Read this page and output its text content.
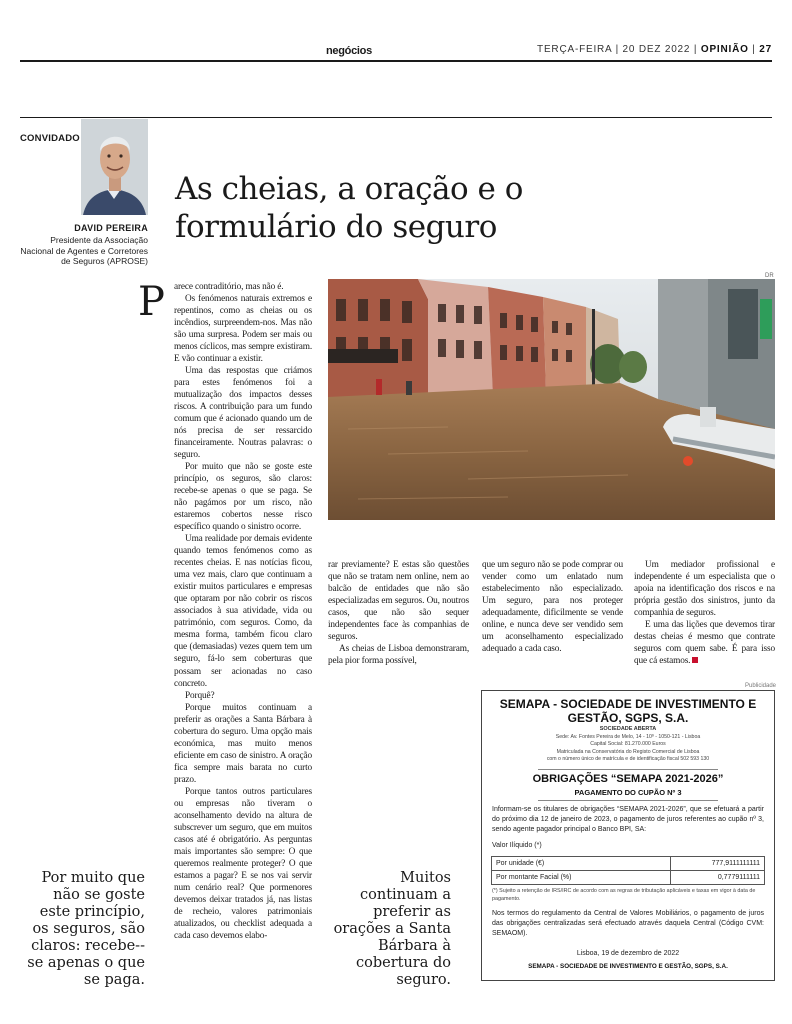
negócios	TERÇA-FEIRA | 20 DEZ 2022 | OPINIÃO | 27
CONVIDADO
DAVID PEREIRA
Presidente da Associação Nacional de Agentes e Corretores de Seguros (APROSE)
As cheias, a oração e o formulário do seguro
DR
P arece contraditório, mas não é.

Os fenómenos naturais extremos e repentinos, como as cheias ou os incêndios, surpreendem-nos. Mas não são uma surpresa. Podem ser mais ou menos cíclicos, mas sempre existiram. E vão continuar a existir.

Uma das respostas que criámos para estes fenómenos foi a mutualização dos impactos desses riscos. A contribuição para um fundo comum que é acionado quando um de nós precisa de ser ressarcido financeiramente. Noutras palavras: o seguro.

Por muito que não se goste este princípio, os seguros, são claros: recebe-se apenas o que se paga. Se não pagámos por um risco, não estaremos cobertos nesse risco específico quando o sinistro ocorre.

Uma realidade por demais evidente quando temos fenómenos como as recentes cheias. E nas notícias ficou, uma vez mais, claro que continuam a existir muitos particulares e empresas que optaram por não cobrir os riscos associados à sua atividade, vida ou património, com seguros. Como, da mesma forma, também ficou claro que (demasiadas) vezes quem tem um seguro, fá-lo sem coberturas que possam ser acionadas no caso concreto.

Porquê?

Porque muitos continuam a preferir as orações a Santa Bárbara à cobertura do seguro. Uma opção mais económica, mas muito menos eficiente em caso de sinistro. A oração fica sempre mais barata no curto prazo.

Porque tantos outros particulares ou empresas não tiveram o aconselhamento devido na altura de subscrever um seguro, que em muitos casos até é obrigatório. As perguntas mais importantes são sempre: O que queremos realmente proteger? O que estamos a pagar? E se nos vai servir num cenário real? Que pormenores devemos deixar tratados já, nas listas de recheio, valores patrimoniais atualizados, ou checklist adequada a cada caso devemos elabo-

rar previamente? E estas são questões que não se tratam nem online, nem ao balcão de entidades que não são especializadas em seguros. Ou, noutros casos, que não são sequer independentes face às companhias de seguros.

As cheias de Lisboa demonstraram, pela pior forma possível,

que um seguro não se pode comprar ou vender como um enlatado num estabelecimento não especializado. Um seguro, para nos proteger adequadamente, dificilmente se vende online, e nunca deve ser vendido sem um aconselhamento especializado adequado a cada caso.

Um mediador profissional e independente é um especialista que o apoia na identificação dos riscos e na própria gestão dos sinistros, junto da companhia de seguros.

E uma das lições que devemos tirar destas cheias é mesmo que contrate seguros com quem sabe. É para isso que cá estamos.

Por muito que não se goste este princípio, os seguros, são claros: recebe--se apenas o que se paga.
Muitos continuam a preferir as orações a Santa Bárbara à cobertura do seguro.
Publicidade
SEMAPA - SOCIEDADE DE INVESTIMENTO E GESTÃO, SGPS, S.A.
SOCIEDADE ABERTA
Sede: Av. Fontes Pereira de Melo, 14 - 10º - 1050-121 - Lisboa
Capital Social: 81.270.000 Euros
Matriculada na Conservatória do Registo Comercial de Lisboa
com o número único de matrícula e de identificação fiscal 502 593 130
OBRIGAÇÕES “SEMAPA 2021-2026”
PAGAMENTO DO CUPÃO Nº 3
Informam-se os titulares de obrigações “SEMAPA 2021-2026”, que se efetuará a partir do próximo dia 12 de janeiro de 2023, o pagamento de juros referentes ao cupão nº 3, sendo agente pagador principal o Banco BPI, SA:
Valor Ilíquido (*)
Por unidade (€)	777,9111111111
Por montante Facial (%)	0,7779111111
(*) Sujeito a retenção de IRS/IRC de acordo com as regras de tributação aplicáveis e taxas em vigor à data de pagamento.
Nos termos do regulamento da Central de Valores Mobiliários, o pagamento de juros das obrigações centralizadas será efectuado através daquela Central (Código CVM: SEMAOM).
Lisboa, 19 de dezembro de 2022
SEMAPA - SOCIEDADE DE INVESTIMENTO E GESTÃO, SGPS, S.A.
